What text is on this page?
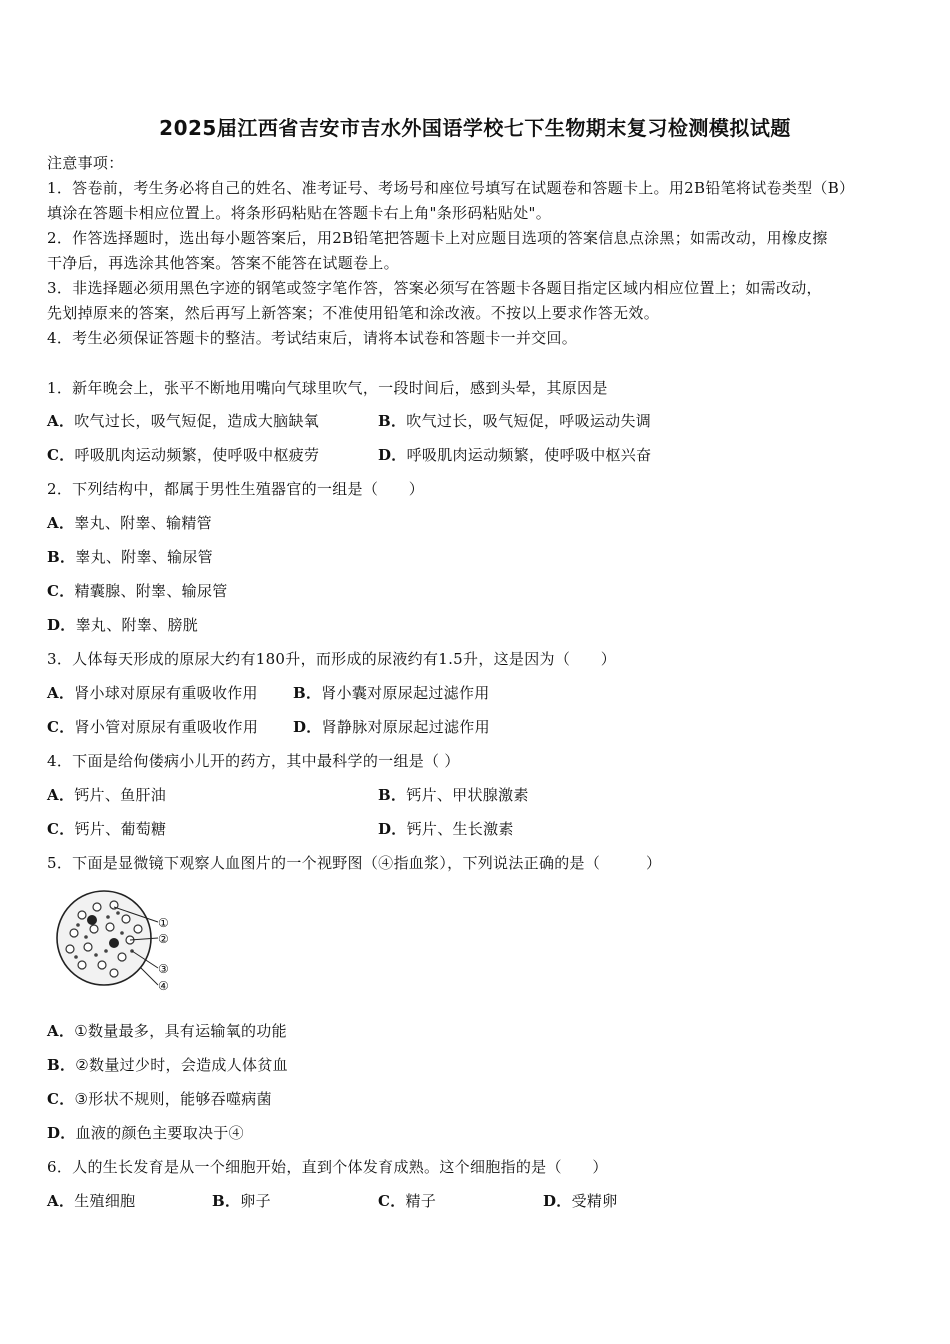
2025届江西省吉安市吉水外国语学校七下生物期末复习检测模拟试题
注意事项：
1．答卷前，考生务必将自己的姓名、准考证号、考场号和座位号填写在试题卷和答题卡上。用2B铅笔将试卷类型（B）
填涂在答题卡相应位置上。将条形码粘贴在答题卡右上角"条形码粘贴处"。
2．作答选择题时，选出每小题答案后，用2B铅笔把答题卡上对应题目选项的答案信息点涂黑；如需改动，用橡皮擦
干净后，再选涂其他答案。答案不能答在试题卷上。
3．非选择题必须用黑色字迹的钢笔或签字笔作答，答案必须写在答题卡各题目指定区域内相应位置上；如需改动，
先划掉原来的答案，然后再写上新答案；不准使用铅笔和涂改液。不按以上要求作答无效。
4．考生必须保证答题卡的整洁。考试结束后，请将本试卷和答题卡一并交回。
1．新年晚会上，张平不断地用嘴向气球里吹气，一段时间后，感到头晕，其原因是
A．吹气过长，吸气短促，造成大脑缺氧	B．吹气过长，吸气短促，呼吸运动失调
C．呼吸肌肉运动频繁，使呼吸中枢疲劳	D．呼吸肌肉运动频繁，使呼吸中枢兴奋
2．下列结构中，都属于男性生殖器官的一组是（　　）
A．睾丸、附睾、输精管
B．睾丸、附睾、输尿管
C．精囊腺、附睾、输尿管
D．睾丸、附睾、膀胱
3．人体每天形成的原尿大约有180升，而形成的尿液约有1.5升，这是因为（　　）
A．肾小球对原尿有重吸收作用 B．肾小囊对原尿起过滤作用
C．肾小管对原尿有重吸收作用 D．肾静脉对原尿起过滤作用
4．下面是给佝偻病小儿开的药方，其中最科学的一组是（ ）
A．钙片、鱼肝油	B．钙片、甲状腺激素
C．钙片、葡萄糖	D．钙片、生长激素
5．下面是显微镜下观察人血图片的一个视野图（④指血浆），下列说法正确的是（　　　）
①
②
③
④
A．①数量最多，具有运输氧的功能
B．②数量过少时，会造成人体贫血
C．③形状不规则，能够吞噬病菌
D．血液的颜色主要取决于④
6．人的生长发育是从一个细胞开始，直到个体发育成熟。这个细胞指的是（　　）
A．生殖细胞	B．卵子	C．精子	D．受精卵
